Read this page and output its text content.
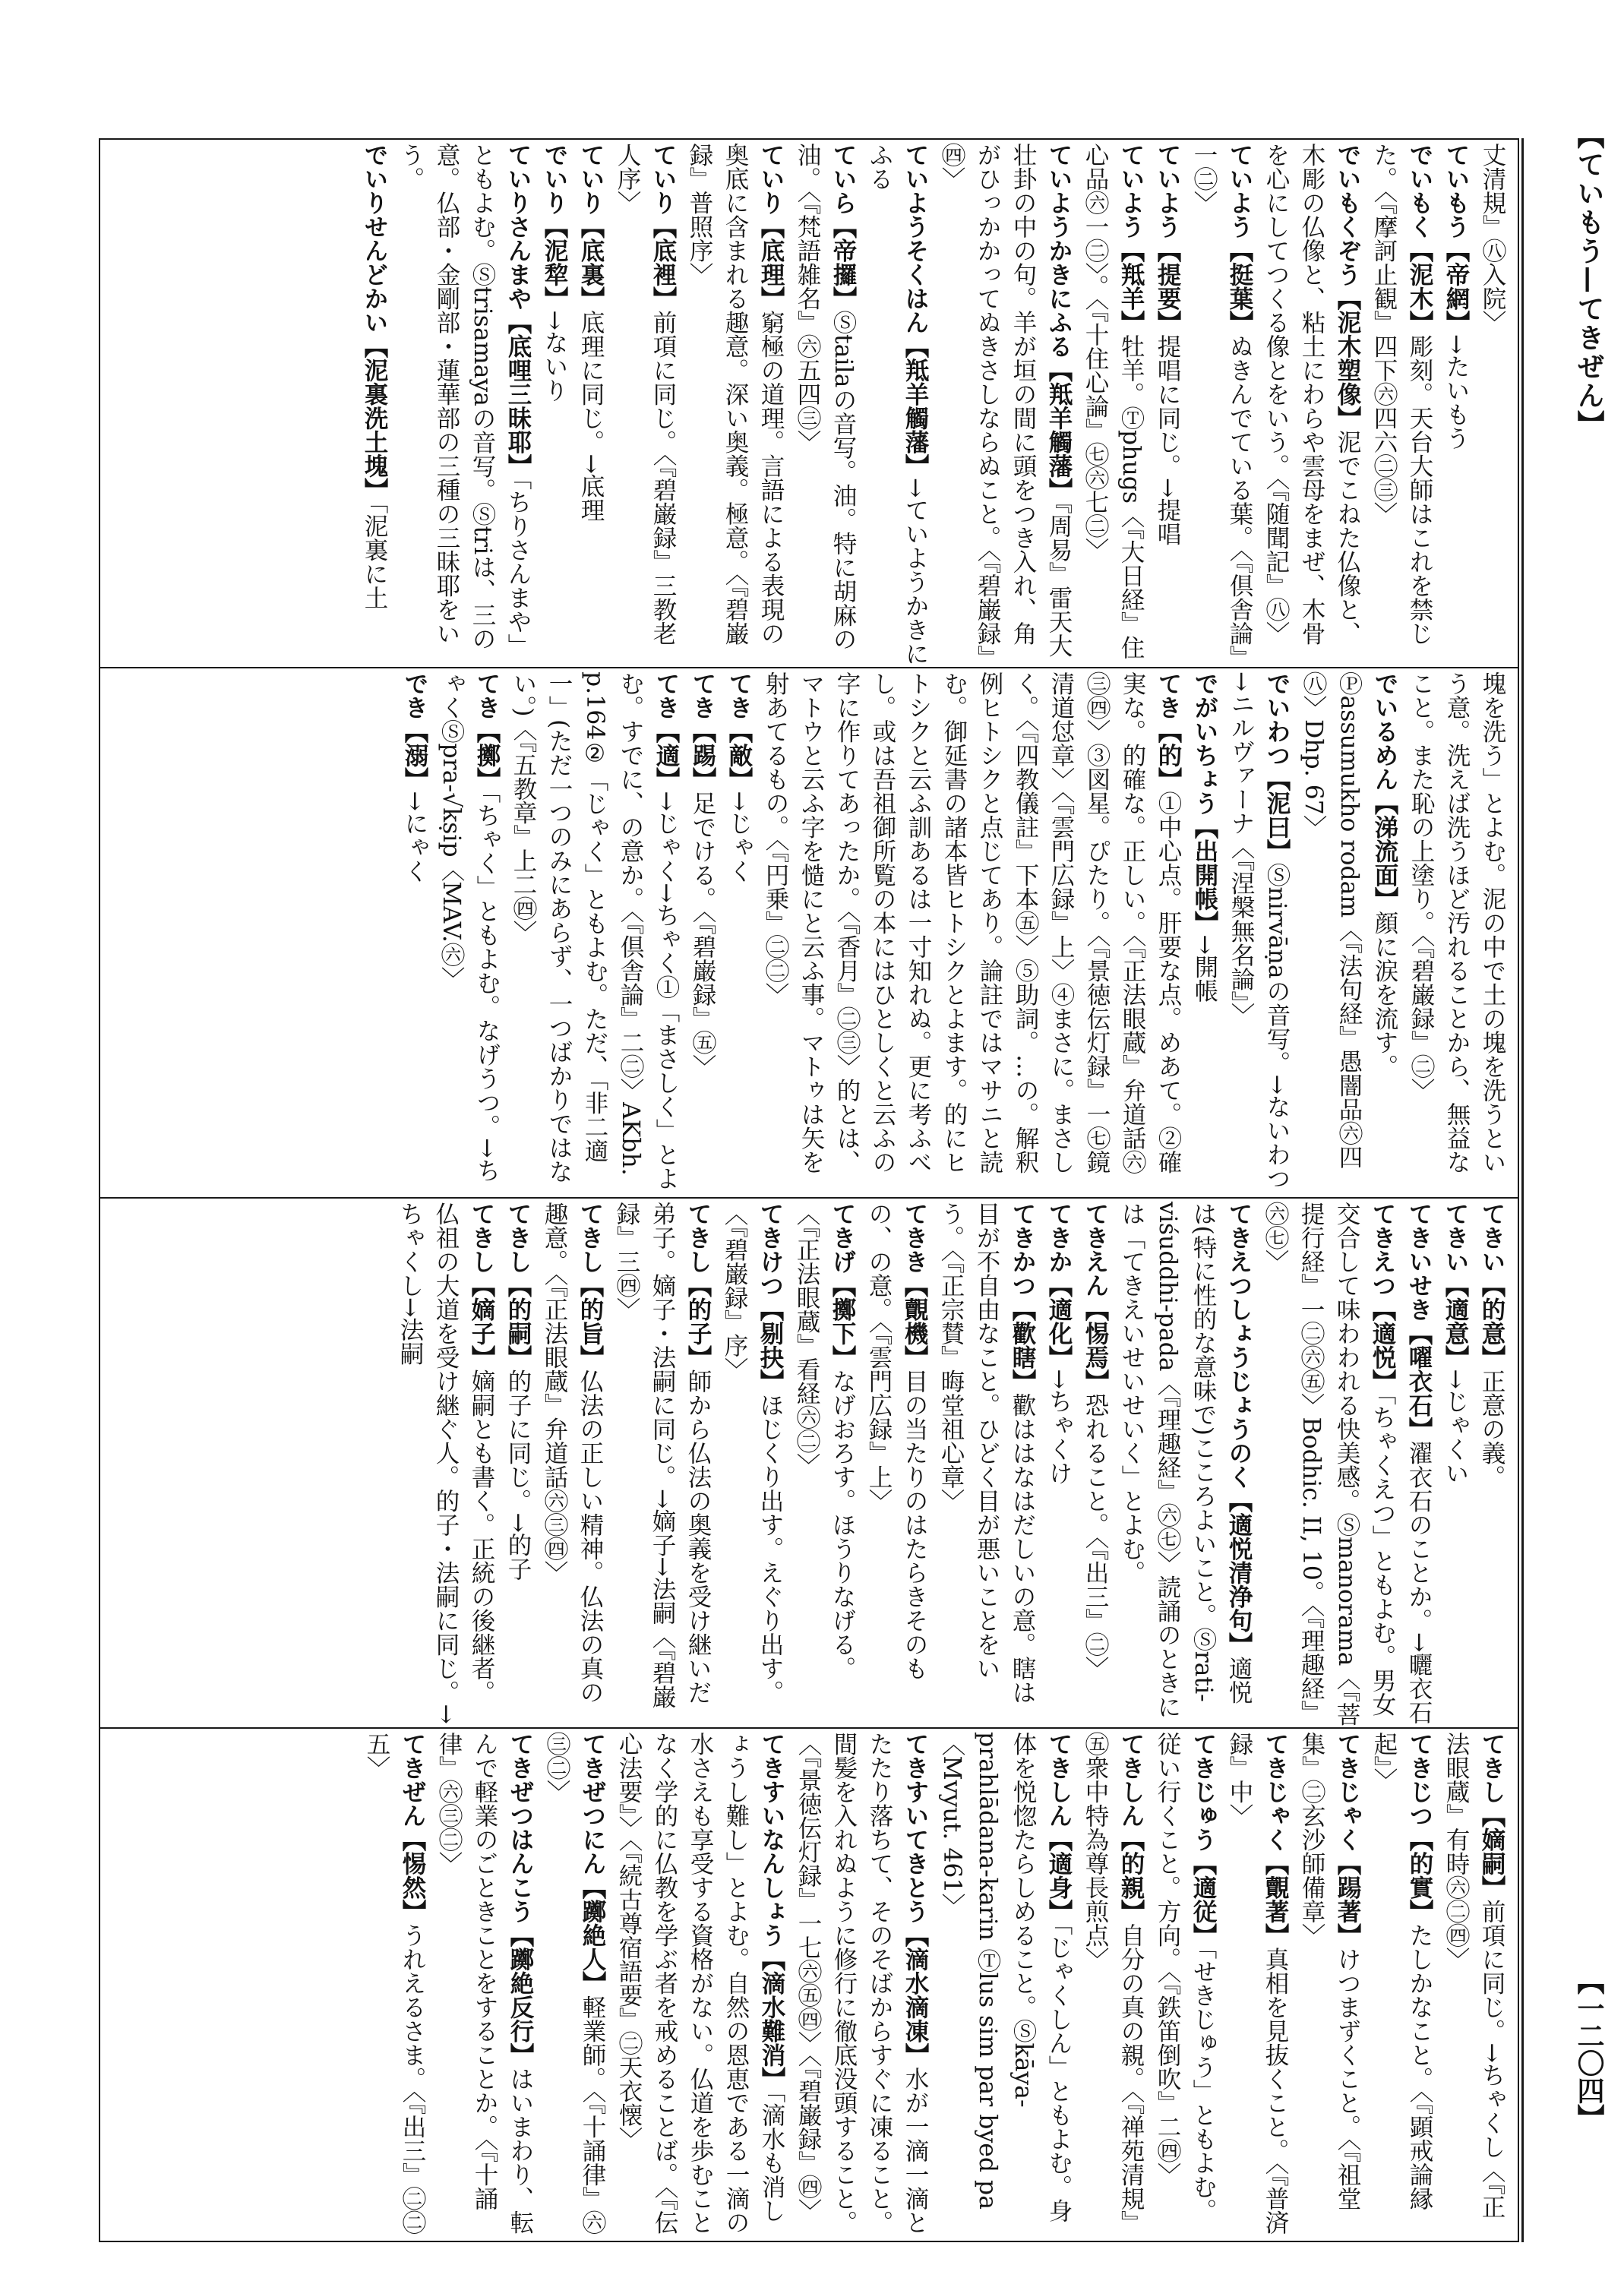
【ていもう—てきぜん】
【一二〇四】

丈清規』㊇入院〉

ていもう【帝網】→たいもう

でいもく【泥木】彫刻。天台大師はこれを禁じた。〈『摩訶止観』四下㊅四六㊁㊂〉

でいもくぞう【泥木塑像】泥でこねた仏像と、木彫の仏像と、粘土にわらや雲母をまぜ、木骨を心にしてつくる像とをいう。〈『随聞記』㊇〉

ていよう【挺葉】ぬきんでている葉。〈『倶舎論』一㊁〉

ていよう【提要】提唱に同じ。→提唱

ていよう【羝羊】牡羊。Ⓣphugs〈『大日経』住心品㊅一㊁〉。〈『十住心論』㊆㊅七㊁〉

ていようかきにふる【羝羊觸藩】『周易』雷天大壮卦の中の句。羊が垣の間に頭をつき入れ、角がひっかかってぬきさしならぬこと。〈『碧巌録』㊃〉

ていようそくはん【羝羊觸藩】→ていようかきにふる

ていら【帝攞】Ⓢtailaの音写。油。特に胡麻の油。〈『梵語雑名』㊅五四㊂〉

ていり【底理】窮極の道理。言語による表現の奥底に含まれる趣意。深い奥義。極意。〈『碧巌録』普照序〉

ていり【底裡】前項に同じ。〈『碧巌録』三教老人序〉

ていり【底裏】底理に同じ。→底理

でいり【泥犂】→ないり

ていりさんまや【底哩三昧耶】「ちりさんまや」ともよむ。Ⓢtrisamayaの音写。Ⓢtriは、三の意。仏部・金剛部・蓮華部の三種の三昧耶をいう。

でいりせんどかい【泥裏洗土塊】「泥裏に土

塊を洗う」とよむ。泥の中で土の塊を洗うという意。洗えば洗うほど汚れることから、無益なこと。また恥の上塗り。〈『碧巌録』㊁〉

でいるめん【涕流面】顔に涙を流す。Ⓟassumukho rodam〈『法句経』愚闇品㊅四㊇〉Dhp. 67〉

でいわつ【泥曰】Ⓢnirvāṇaの音写。→ないわつ→ニルヴァーナ〈『涅槃無名論』〉

でがいちょう【出開帳】→開帳

てき【的】①中心点。肝要な点。めあて。②確実な。的確な。正しい。〈『正法眼蔵』弁道話㊅㊂㊃〉③図星。ぴたり。〈『景徳伝灯録』一㊆鏡清道怤章〉〈『雲門広録』上〉④まさに。まさしく。〈『四教儀註』下本㊄〉⑤助詞。…の。解釈例ヒトシクと点じてあり。論註ではマサニと読む。御延書の諸本皆ヒトシクとよます。的にヒトシクと云ふ訓あるは一寸知れぬ。更に考ふべし。或は吾祖御所覧の本にはひとしくと云ふの字に作りてあったか。〈『香月』㊁㊂〉的とは、マトウと云ふ字を慥にと云ふ事。マトゥは矢を射あてるもの。〈『円乗』㊁㊁〉

てき【敵】→じゃく

てき【踢】足でける。〈『碧巌録』㊄〉

てき【適】→じゃく→ちゃく①「まさしく」とよむ。すでに、の意か。〈『倶舎論』二㊁〉AKbh. p.164②「じゃく」ともよむ。ただ、「非二適一」(ただ一つのみにあらず、一つばかりではない。)〈『五教章』上二㊃〉

てき【擲】「ちゃく」ともよむ。なげうつ。→ちゃくⓈpra-√kṣip〈MAV.㊅〉

でき【溺】→にゃく

てきい【的意】正意の義。

てきい【適意】→じゃくい

てきいせき【嚁衣石】濯衣石のことか。→曬衣石

てきえつ【適悦】「ちゃくえつ」ともよむ。男女交合して味わわれる快美感。Ⓢmanorama〈『菩提行経』一㊁㊅㊄〉Bodhic. II, 10。〈『理趣経』㊅㊆〉

てきえつしょうじょうのく【適悦清浄句】適悦は(特に性的な意味で)こころよいこと。Ⓢrati-viśuddhi-pada〈『理趣経』㊅㊆〉読誦のときには「てきえいせいせいく」とよむ。

てきえん【惕焉】恐れること。〈『出三』㊁〉

てきか【適化】→ちゃくけ

てきかつ【歡瞎】歡ははなはだしいの意。瞎は目が不自由なこと。ひどく目が悪いことをいう。〈『正宗賛』晦堂祖心章〉

てきき【覿機】目の当たりのはたらきそのもの、の意。〈『雲門広録』上〉

てきげ【擲下】なげおろす。ほうりなげる。〈『正法眼蔵』看経㊅㊁〉

てきけつ【剔抉】ほじくり出す。えぐり出す。〈『碧巌録』序〉

てきし【的子】師から仏法の奥義を受け継いだ弟子。嫡子・法嗣に同じ。→嫡子→法嗣〈『碧巌録』三㊃〉

てきし【的旨】仏法の正しい精神。仏法の真の趣意。〈『正法眼蔵』弁道話㊅㊂㊃〉

てきし【的嗣】的子に同じ。→的子

てきし【嫡子】嫡嗣とも書く。正統の後継者。仏祖の大道を受け継ぐ人。的子・法嗣に同じ。→ちゃくし→法嗣

てきし【嫡嗣】前項に同じ。→ちゃくし〈『正法眼蔵』有時㊅㊁㊃〉

てきじつ【的實】たしかなこと。〈『顕戒論縁起』〉

てきじゃく【踼著】けつまずくこと。〈『祖堂集』㊁玄沙師備章〉

てきじゃく【覿著】真相を見抜くこと。〈『普済録』中〉

てきじゅう【適従】「せきじゅう」ともよむ。従い行くこと。方向。〈『鉄笛倒吹』二㊃〉

てきしん【的親】自分の真の親。〈『禅苑清規』㊄衆中特為尊長煎点〉

てきしん【適身】「じゃくしん」ともよむ。身体を悦惚たらしめること。Ⓢkāya-prahlādana-karin Ⓣlus sim par byed pa〈Mvyut. 461〉

てきすいてきとう【滴水滴凍】水が一滴一滴とたたり落ちて、そのそばからすぐに凍ること。間髪を入れぬように修行に徹底没頭すること。〈『景徳伝灯録』一七㊅㊄㊃〉〈『碧巌録』㊃〉

てきすいなんしょう【滴水難消】「滴水も消しょうし難し」とよむ。自然の恩恵である一滴の水さえも享受する資格がない。仏道を歩むことなく学的に仏教を学ぶ者を戒めることば。〈『伝心法要』〉〈『続古尊宿語要』㊁天衣懐〉

てきぜつにん【躑絶人】軽業師。〈『十誦律』㊅㊂㊁〉

てきぜつはんこう【躑絶反行】はいまわり、転んで軽業のごときことをすることか。〈『十誦律』㊅㊂㊁〉

てきぜん【惕然】うれえるさま。〈『出三』㊁㊁五〉
